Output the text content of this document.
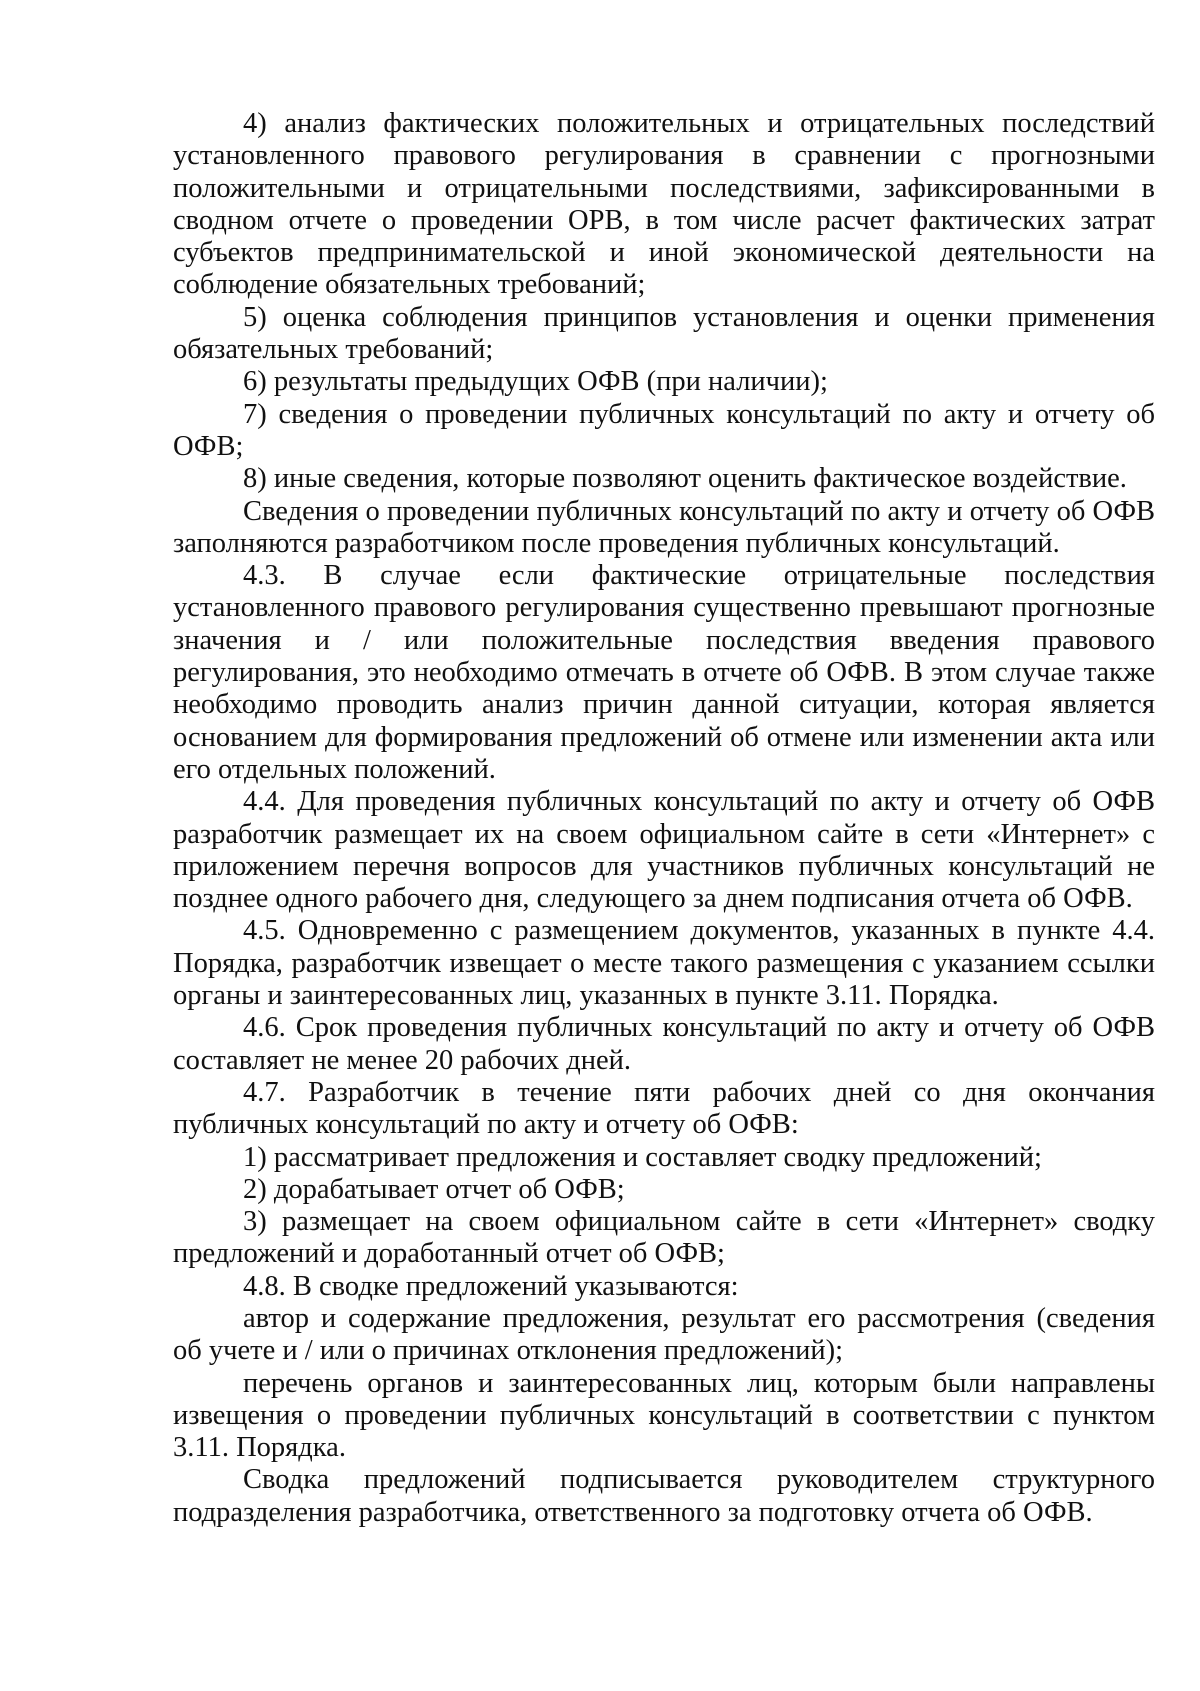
4) анализ фактических положительных и отрицательных последствий установленного правового регулирования в сравнении с прогнозными положительными и отрицательными последствиями, зафиксированными в сводном отчете о проведении ОРВ, в том числе расчет фактических затрат субъектов предпринимательской и иной экономической деятельности на соблюдение обязательных требований;

5) оценка соблюдения принципов установления и оценки применения обязательных требований;

6) результаты предыдущих ОФВ (при наличии);

7) сведения о проведении публичных консультаций по акту и отчету об ОФВ;

8) иные сведения, которые позволяют оценить фактическое воздействие.

Сведения о проведении публичных консультаций по акту и отчету об ОФВ заполняются разработчиком после проведения публичных консультаций.

4.3. В случае если фактические отрицательные последствия установленного правового регулирования существенно превышают прогнозные значения и / или положительные последствия введения правового регулирования, это необходимо отмечать в отчете об ОФВ. В этом случае также необходимо проводить анализ причин данной ситуации, которая является основанием для формирования предложений об отмене или изменении акта или его отдельных положений.

4.4. Для проведения публичных консультаций по акту и отчету об ОФВ разработчик размещает их на своем официальном сайте в сети «Интернет» с приложением перечня вопросов для участников публичных консультаций не позднее одного рабочего дня, следующего за днем подписания отчета об ОФВ.

4.5. Одновременно с размещением документов, указанных в пункте 4.4. Порядка, разработчик извещает о месте такого размещения с указанием ссылки органы и заинтересованных лиц, указанных в пункте 3.11. Порядка.

4.6. Срок проведения публичных консультаций по акту и отчету об ОФВ составляет не менее 20 рабочих дней.

4.7. Разработчик в течение пяти рабочих дней со дня окончания публичных консультаций по акту и отчету об ОФВ:

1) рассматривает предложения и составляет сводку предложений;

2) дорабатывает отчет об ОФВ;

3) размещает на своем официальном сайте в сети «Интернет» сводку предложений и доработанный отчет об ОФВ;

4.8. В сводке предложений указываются:

автор и содержание предложения, результат его рассмотрения (сведения об учете и / или о причинах отклонения предложений);

перечень органов и заинтересованных лиц, которым были направлены извещения о проведении публичных консультаций в соответствии с пунктом 3.11. Порядка.

Сводка предложений подписывается руководителем структурного подразделения разработчика, ответственного за подготовку отчета об ОФВ.
